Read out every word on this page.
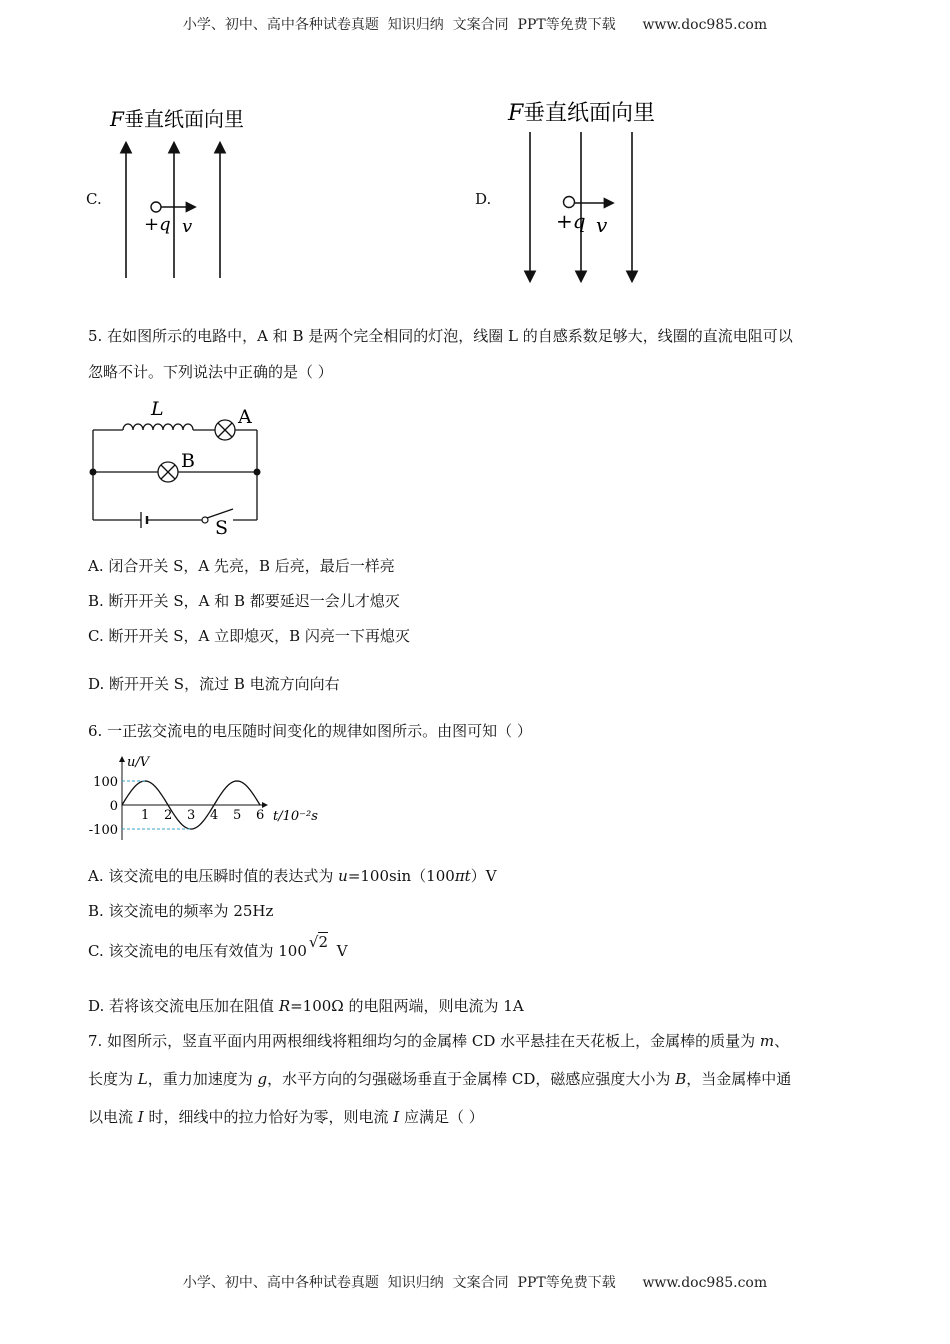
小学、初中、高中各种试卷真题  知识归纳  文案合同  PPT等免费下载 www.doc985.com
C.
F 垂直纸面向里
+q v
D.
F 垂直纸面向里
+q v
5. 在如图所示的电路中，A 和 B 是两个完全相同的灯泡，线圈 L 的自感系数足够大，线圈的直流电阻可以
忽略不计。下列说法中正确的是（ ）
L	A
B
S
A. 闭合开关 S，A 先亮，B 后亮，最后一样亮
B. 断开开关 S，A 和 B 都要延迟一会儿才熄灭
C. 断开开关 S，A 立即熄灭，B 闪亮一下再熄灭
D. 断开开关 S，流过 B 电流方向向右
6. 一正弦交流电的电压随时间变化的规律如图所示。由图可知（ ）
u/V
t/10⁻²s
1 2 3 4 5 6
100
0
-100
A. 该交流电的电压瞬时值的表达式为 u=100sin（100πt）V
B. 该交流电的频率为 25Hz
C. 该交流电的电压有效值为 100 √2 V
D. 若将该交流电压加在阻值 R=100Ω 的电阻两端，则电流为 1A
7. 如图所示，竖直平面内用两根细线将粗细均匀的金属棒 CD 水平悬挂在天花板上，金属棒的质量为 m、
长度为 L，重力加速度为 g，水平方向的匀强磁场垂直于金属棒 CD，磁感应强度大小为 B，当金属棒中通
以电流 I 时，细线中的拉力恰好为零，则电流 I 应满足（ ）
小学、初中、高中各种试卷真题  知识归纳  文案合同  PPT等免费下载 www.doc985.com
